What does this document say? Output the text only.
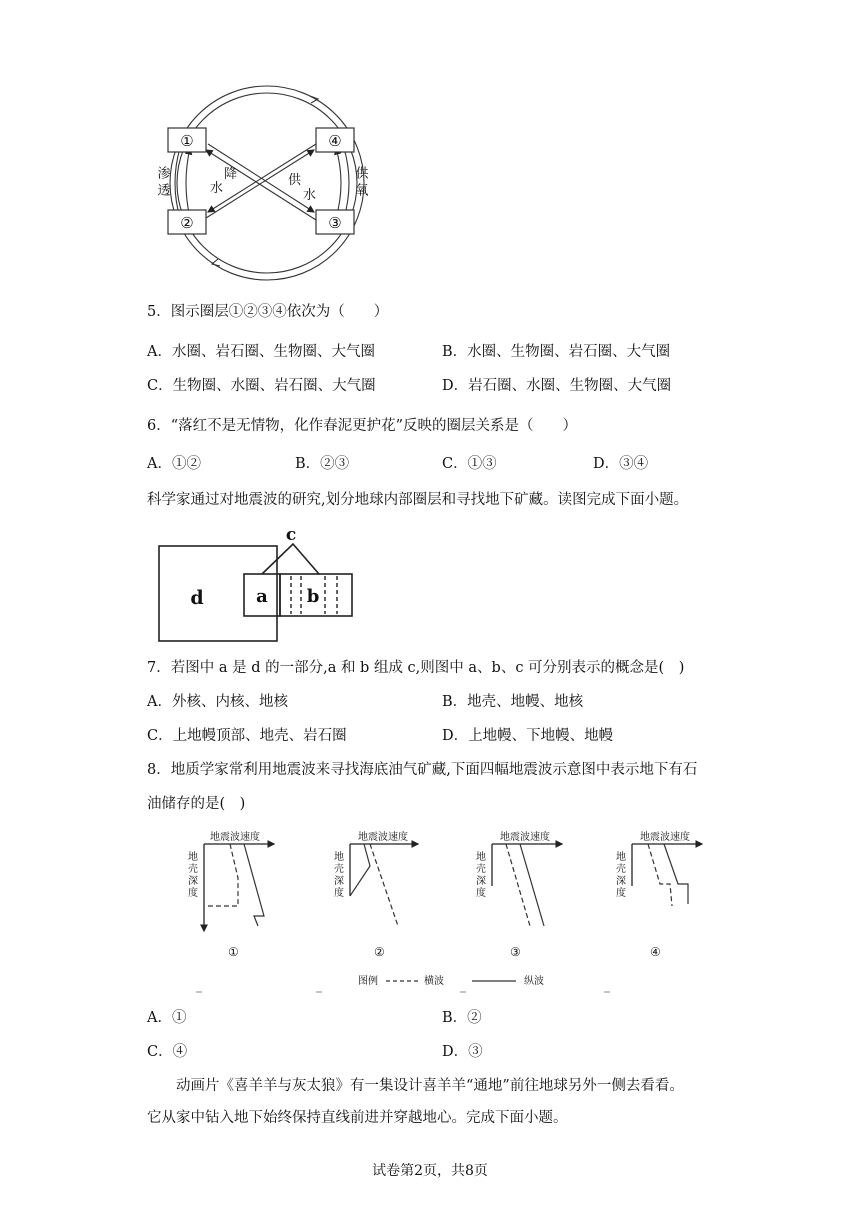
①	④
②	③
渗透	供氧
降
水
供
水
5．图示圈层①②③④依次为（　　）
A．水圈、岩石圈、生物圈、大气圈	B．水圈、生物圈、岩石圈、大气圈
C．生物圈、水圈、岩石圈、大气圈	D．岩石圈、水圈、生物圈、大气圈
6．“落红不是无情物，化作春泥更护花”反映的圈层关系是（　　）
A．①②	B．②③	C．①③	D．③④
科学家通过对地震波的研究,划分地球内部圈层和寻找地下矿藏。读图完成下面小题。
c
d	a b
7．若图中 a 是 d 的一部分,a 和 b 组成 c,则图中 a、b、c 可分别表示的概念是(　)
A．外核、内核、地核	B．地壳、地幔、地核
C．上地幔顶部、地壳、岩石圈	D．上地幔、下地幔、地幔
8．地质学家常利用地震波来寻找海底油气矿藏,下面四幅地震波示意图中表示地下有石
油储存的是(　)
地震波速度
地
壳
深
度
①
地震波速度
地
壳
深
度
②
地震波速度
地
壳
深
度
③
地震波速度
地
壳
深
度
④
图例	横波	纵波
A．①	B．②
C．④	D．③
动画片《喜羊羊与灰太狼》有一集设计喜羊羊“通地”前往地球另外一侧去看看。
它从家中钻入地下始终保持直线前进并穿越地心。完成下面小题。
试卷第2页，共8页
